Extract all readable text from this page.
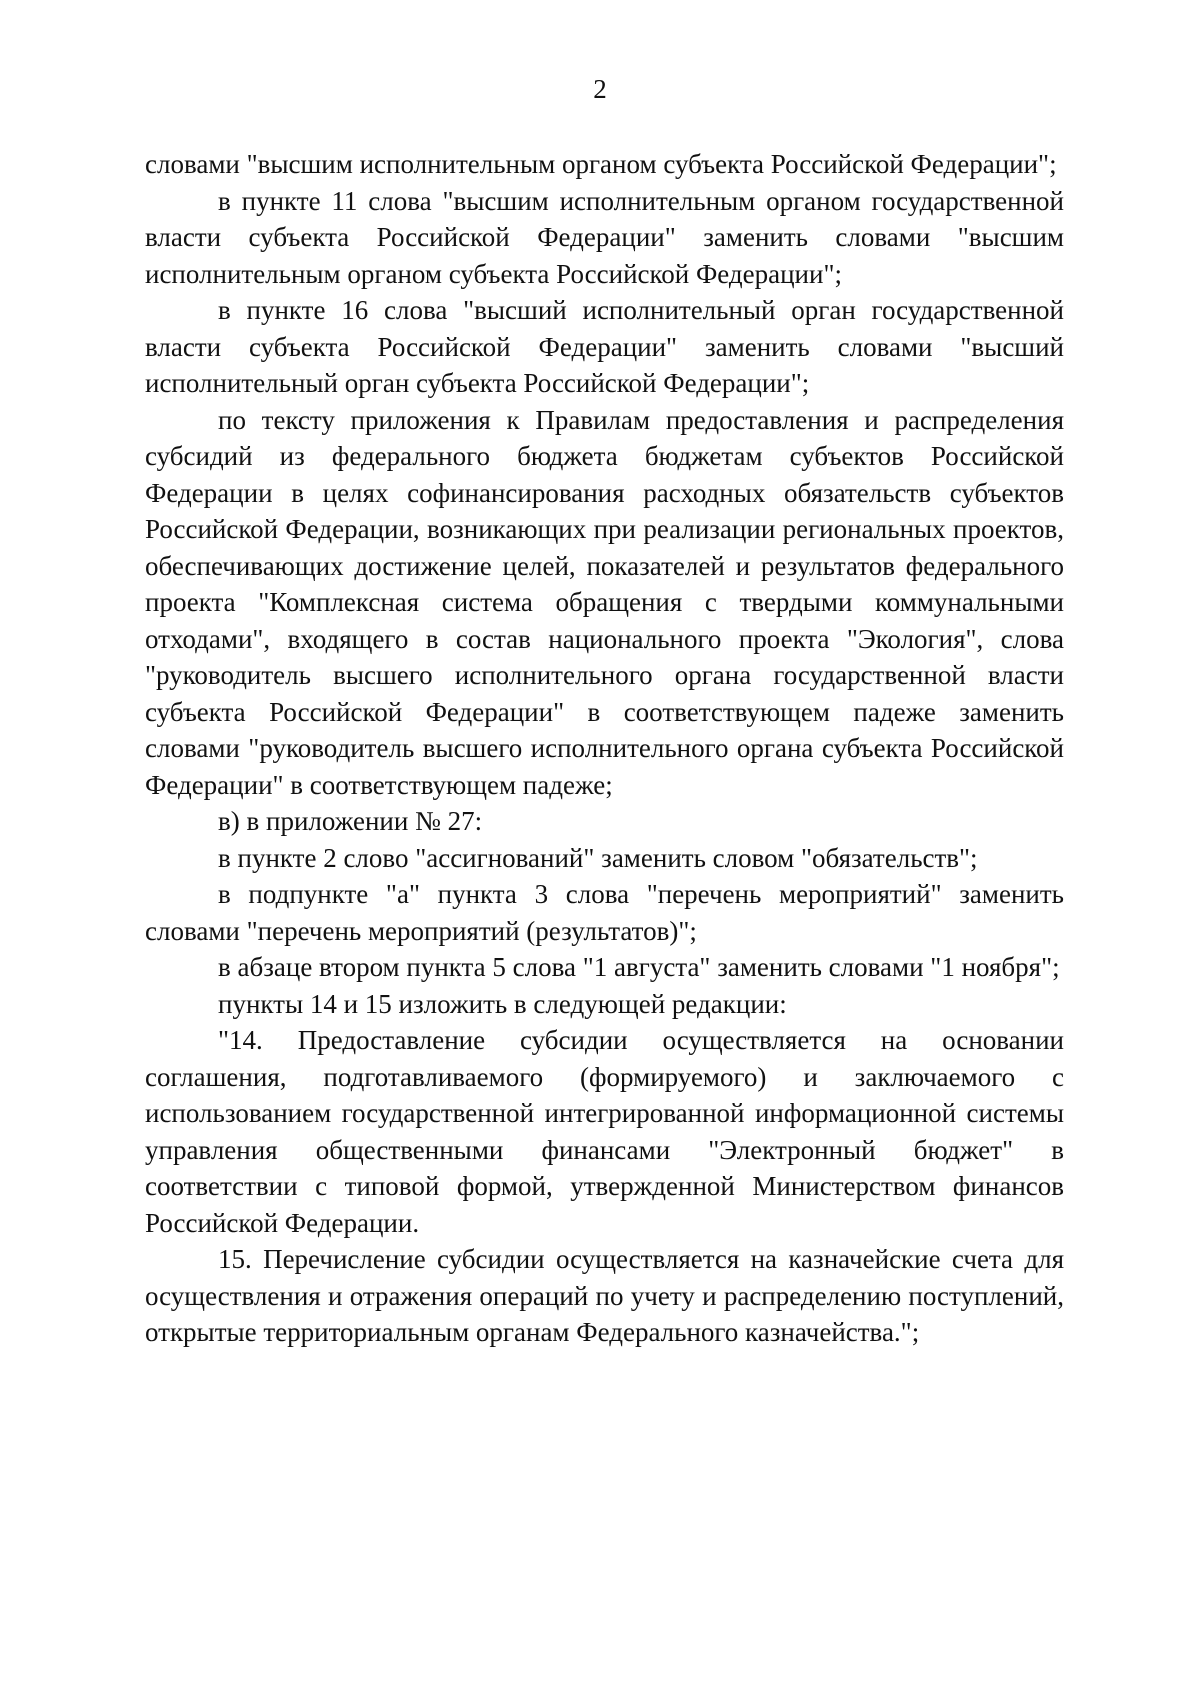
2

словами "высшим исполнительным органом субъекта Российской Федерации";

в пункте 11 слова "высшим исполнительным органом государственной власти субъекта Российской Федерации" заменить словами "высшим исполнительным органом субъекта Российской Федерации";

в пункте 16 слова "высший исполнительный орган государственной власти субъекта Российской Федерации" заменить словами "высший исполнительный орган субъекта Российской Федерации";

по тексту приложения к Правилам предоставления и распределения субсидий из федерального бюджета бюджетам субъектов Российской Федерации в целях софинансирования расходных обязательств субъектов Российской Федерации, возникающих при реализации региональных проектов, обеспечивающих достижение целей, показателей и результатов федерального проекта "Комплексная система обращения с твердыми коммунальными отходами", входящего в состав национального проекта "Экология", слова "руководитель высшего исполнительного органа государственной власти субъекта Российской Федерации" в соответствующем падеже заменить словами "руководитель высшего исполнительного органа субъекта Российской Федерации" в соответствующем падеже;

в) в приложении № 27:

в пункте 2 слово "ассигнований" заменить словом "обязательств";

в подпункте "а" пункта 3 слова "перечень мероприятий" заменить словами "перечень мероприятий (результатов)";

в абзаце втором пункта 5 слова "1 августа" заменить словами "1 ноября";

пункты 14 и 15 изложить в следующей редакции:

"14. Предоставление субсидии осуществляется на основании соглашения, подготавливаемого (формируемого) и заключаемого с использованием государственной интегрированной информационной системы управления общественными финансами "Электронный бюджет" в соответствии с типовой формой, утвержденной Министерством финансов Российской Федерации.

15. Перечисление субсидии осуществляется на казначейские счета для осуществления и отражения операций по учету и распределению поступлений, открытые территориальным органам Федерального казначейства.";
